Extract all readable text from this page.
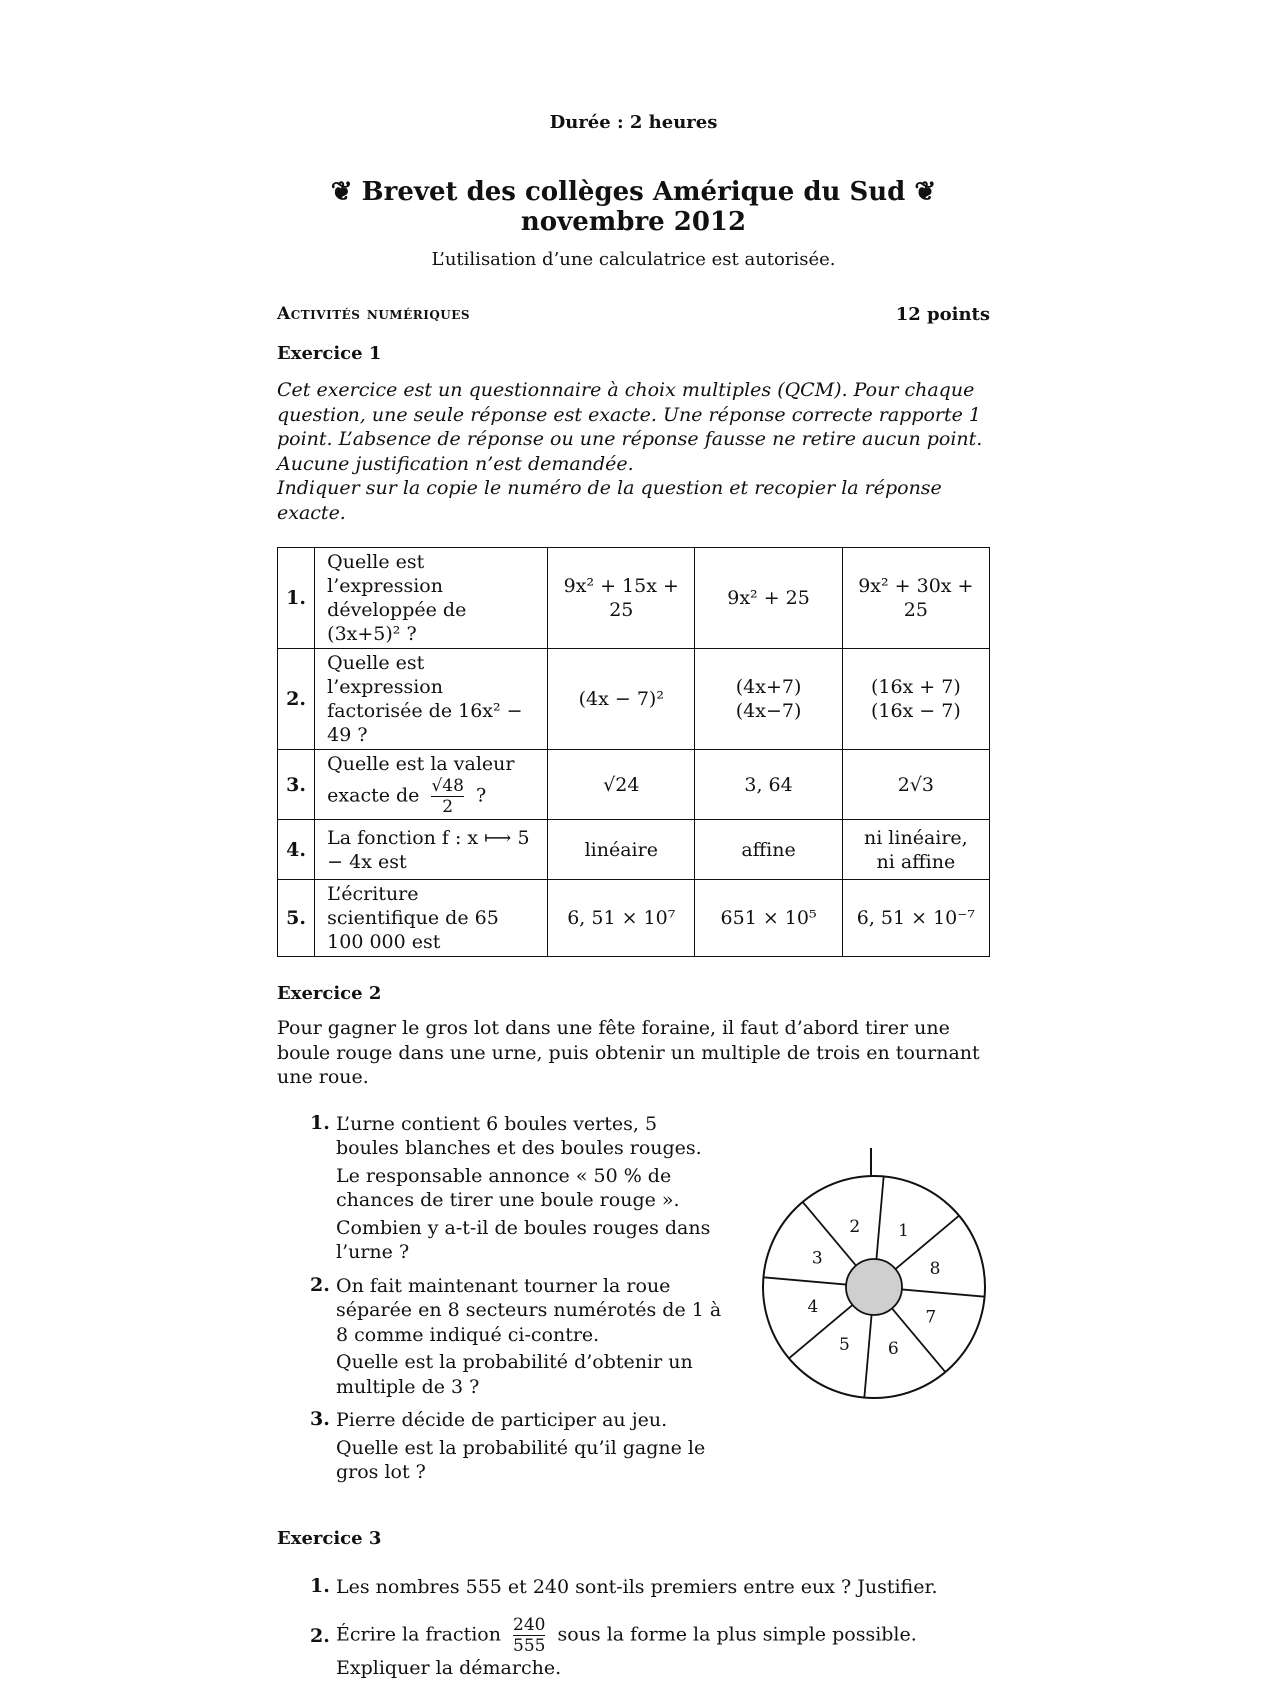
Durée : 2 heures
❦ Brevet des collèges Amérique du Sud ❦
novembre 2012
L’utilisation d’une calculatrice est autorisée.
Activités numériques	12 points
Exercice 1
Cet exercice est un questionnaire à choix multiples (QCM). Pour chaque question, une seule réponse est exacte. Une réponse correcte rapporte 1 point. L’absence de réponse ou une réponse fausse ne retire aucun point.
Aucune justification n’est demandée.
Indiquer sur la copie le numéro de la question et recopier la réponse exacte.
1.	Quelle est l’expression développée de (3x+5)² ?	9x² + 15x + 25	9x² + 25	9x² + 30x + 25
2.	Quelle est l’expression factorisée de 16x² − 49 ?	(4x − 7)²	(4x+7)(4x−7)	(16x + 7)(16x − 7)
3.	Quelle est la valeur exacte de $\frac{√48}{2}$ ?	√24	3, 64	2√3
4.	La fonction f : x ⟼ 5 − 4x est	linéaire	affine	ni linéaire, ni affine
5.	L’écriture scientifique de 65 100 000 est	6, 51 × 10⁷	651 × 10⁵	6, 51 × 10⁻⁷
Exercice 2
Pour gagner le gros lot dans une fête foraine, il faut d’abord tirer une boule rouge dans une urne, puis obtenir un multiple de trois en tournant une roue.
1. L’urne contient 6 boules vertes, 5 boules blanches et des boules rouges.

Le responsable annonce « 50 % de chances de tirer une boule rouge ».

Combien y a-t-il de boules rouges dans l’urne ?

2. On fait maintenant tourner la roue séparée en 8 secteurs numérotés de 1 à 8 comme indiqué ci-contre.

Quelle est la probabilité d’obtenir un multiple de 3 ?

3. Pierre décide de participer au jeu.

Quelle est la probabilité qu’il gagne le gros lot ?

1
8
7
6
5
4
3
2
Exercice 3
1. Les nombres 555 et 240 sont-ils premiers entre eux ? Justifier.
2. Écrire la fraction $\frac{240}{555}$ sous la forme la plus simple possible. Expliquer la démarche.
